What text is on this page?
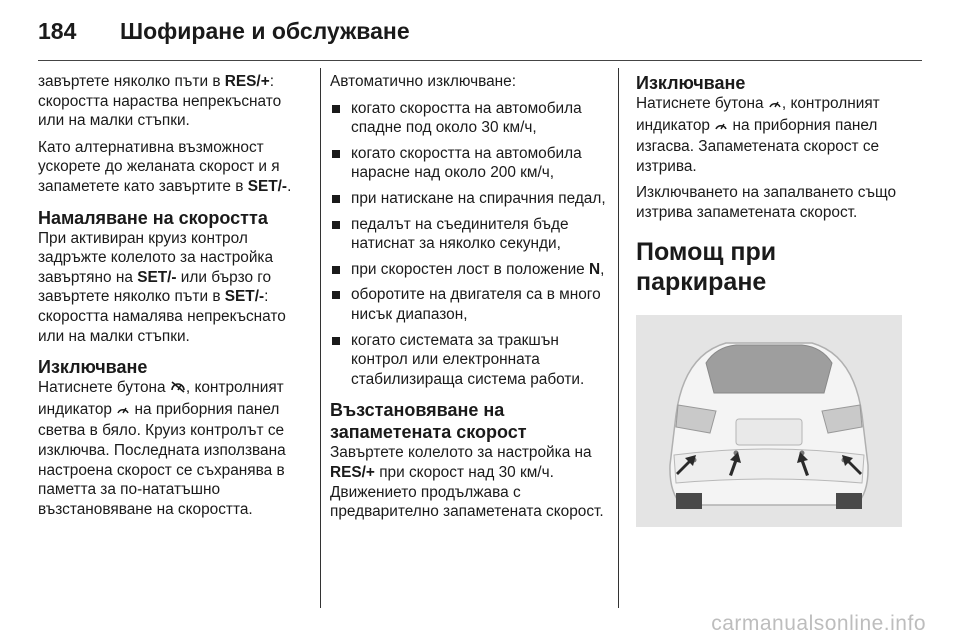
184 Шофиране и обслужване

завъртете няколко пъти в RES/+: скоростта нараства непрекъснато или на малки стъпки.

Като алтернативна възможност ускорете до желаната скорост и я запаметете като завъртите в SET/-.

Намаляване на скоростта

При активиран круиз контрол задръжте колелото за настройка завъртяно на SET/- или бързо го завъртете няколко пъти в SET/-: скоростта намалява непрекъснато или на малки стъпки.

Изключване

Натиснете бутона , контролният индикатор  на приборния панел светва в бяло. Круиз контролът се изключва. Последната използвана настроена скорост се съхранява в паметта за по-нататъшно възстановяване на скоростта.

Автоматично изключване:

когато скоростта на автомобила спадне под около 30 км/ч,
когато скоростта на автомобила нарасне над около 200 км/ч,
при натискане на спирачния педал,
педалът на съединителя бъде натиснат за няколко секунди,
при скоростен лост в положение N,
оборотите на двигателя са в много нисък диапазон,
когато системата за тракшън контрол или електронната стабилизираща система работи.
Възстановяване на запаметената скорост

Завъртете колелото за настройка на RES/+ при скорост над 30 км/ч. Движението продължава с предварително запаметената скорост.

Изключване

Натиснете бутона , контролният индикатор  на приборния панел изгасва. Запаметената скорост се изтрива.

Изключването на запалването също изтрива запаметената скорост.

Помощ при паркиране
carmanualsonline.info
